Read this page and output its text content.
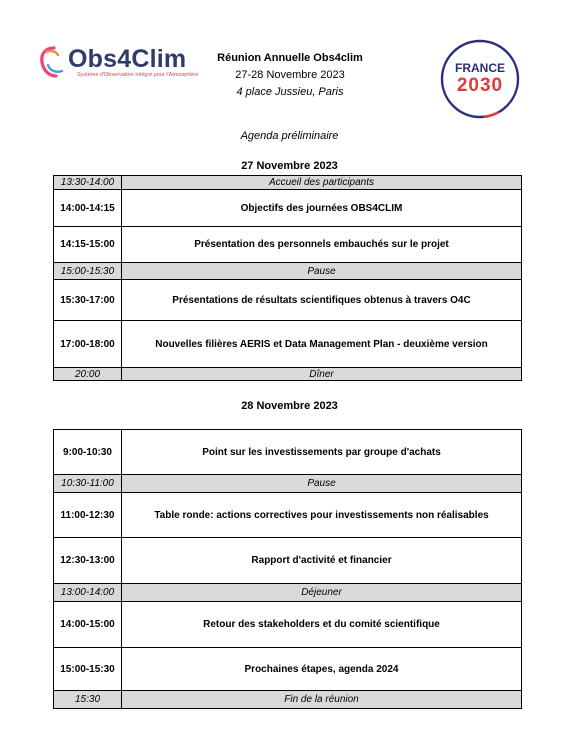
Obs4Clim
Système d'Observation Intégré pour l'Atmosphère
Réunion Annuelle Obs4clim
27-28 Novembre 2023
4 place Jussieu, Paris
FRANCE
2030
Agenda préliminaire
27 Novembre 2023
13:30-14:00	Accueil des participants
14:00-14:15	Objectifs des journées OBS4CLIM
14:15-15:00	Présentation des personnels embauchés sur le projet
15:00-15:30	Pause
15:30-17:00	Présentations de résultats scientifiques obtenus à travers O4C
17:00-18:00	Nouvelles filières AERIS et Data Management Plan - deuxième version
20:00	Dîner
28 Novembre 2023
9:00-10:30	Point sur les investissements par groupe d'achats
10:30-11:00	Pause
11:00-12:30	Table ronde: actions correctives pour investissements non réalisables
12:30-13:00	Rapport d'activité et financier
13:00-14:00	Déjeuner
14:00-15:00	Retour des stakeholders et du comité scientifique
15:00-15:30	Prochaines étapes, agenda 2024
15:30	Fin de la réunion
